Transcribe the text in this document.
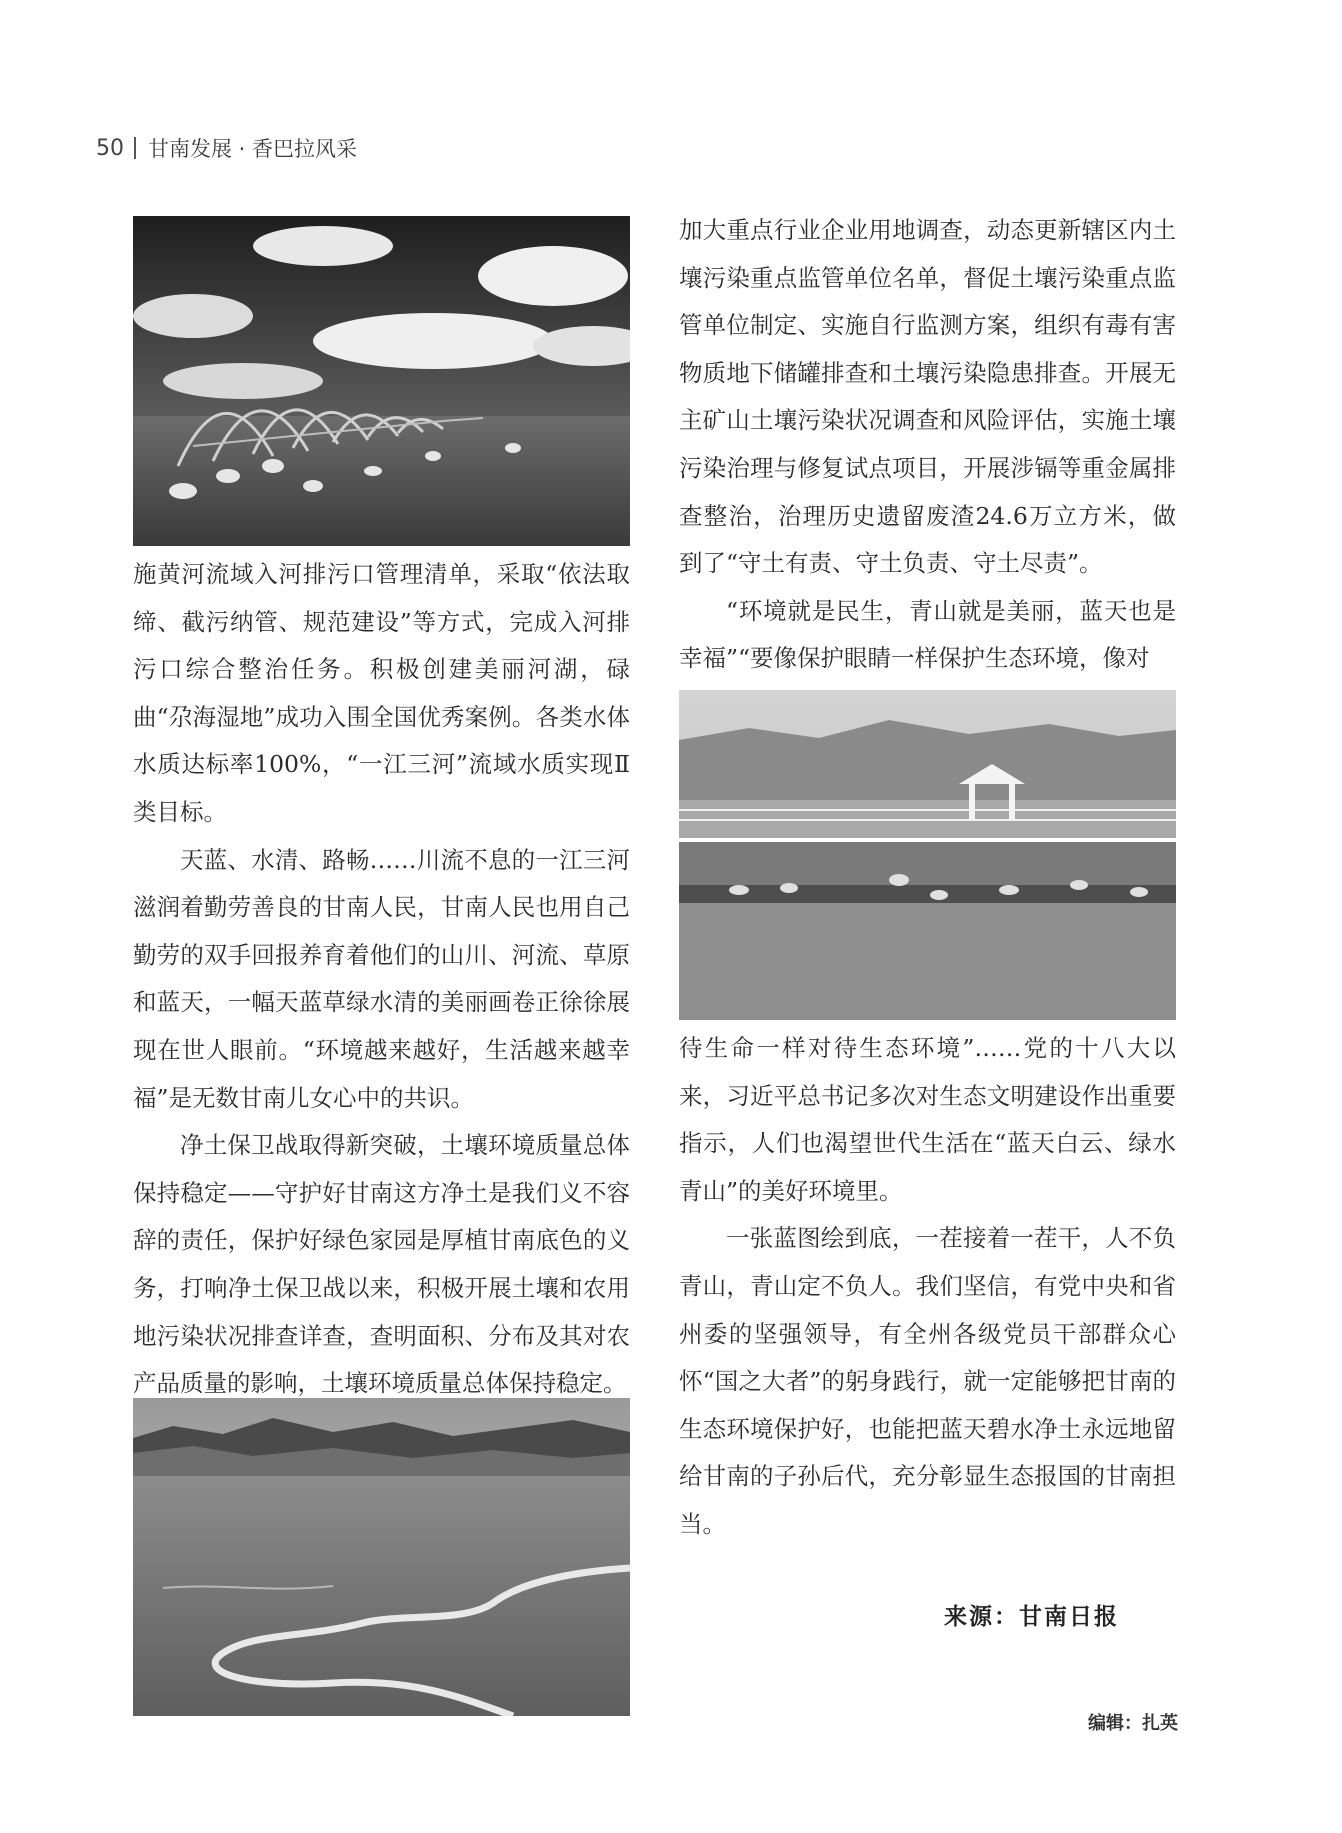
50 甘南发展 · 香巴拉风采

施黄河流域入河排污口管理清单，采取“依法取缔、截污纳管、规范建设”等方式，完成入河排污口综合整治任务。积极创建美丽河湖，碌曲“尕海湿地”成功入围全国优秀案例。各类水体水质达标率100%，“一江三河”流域水质实现Ⅱ类目标。

天蓝、水清、路畅……川流不息的一江三河滋润着勤劳善良的甘南人民，甘南人民也用自己勤劳的双手回报养育着他们的山川、河流、草原和蓝天，一幅天蓝草绿水清的美丽画卷正徐徐展现在世人眼前。“环境越来越好，生活越来越幸福”是无数甘南儿女心中的共识。

净土保卫战取得新突破，土壤环境质量总体保持稳定——守护好甘南这方净土是我们义不容辞的责任，保护好绿色家园是厚植甘南底色的义务，打响净土保卫战以来，积极开展土壤和农用地污染状况排查详查，查明面积、分布及其对农产品质量的影响，土壤环境质量总体保持稳定。

加大重点行业企业用地调查，动态更新辖区内土壤污染重点监管单位名单，督促土壤污染重点监管单位制定、实施自行监测方案，组织有毒有害物质地下储罐排查和土壤污染隐患排查。开展无主矿山土壤污染状况调查和风险评估，实施土壤污染治理与修复试点项目，开展涉镉等重金属排查整治，治理历史遗留废渣24.6万立方米，做到了“守土有责、守土负责、守土尽责”。

“环境就是民生，青山就是美丽，蓝天也是幸福”“要像保护眼睛一样保护生态环境，像对

待生命一样对待生态环境”……党的十八大以来，习近平总书记多次对生态文明建设作出重要指示，人们也渴望世代生活在“蓝天白云、绿水青山”的美好环境里。

一张蓝图绘到底，一茬接着一茬干，人不负青山，青山定不负人。我们坚信，有党中央和省州委的坚强领导，有全州各级党员干部群众心怀“国之大者”的躬身践行，就一定能够把甘南的生态环境保护好，也能把蓝天碧水净土永远地留给甘南的子孙后代，充分彰显生态报国的甘南担当。

来源：甘南日报
编辑：扎英
